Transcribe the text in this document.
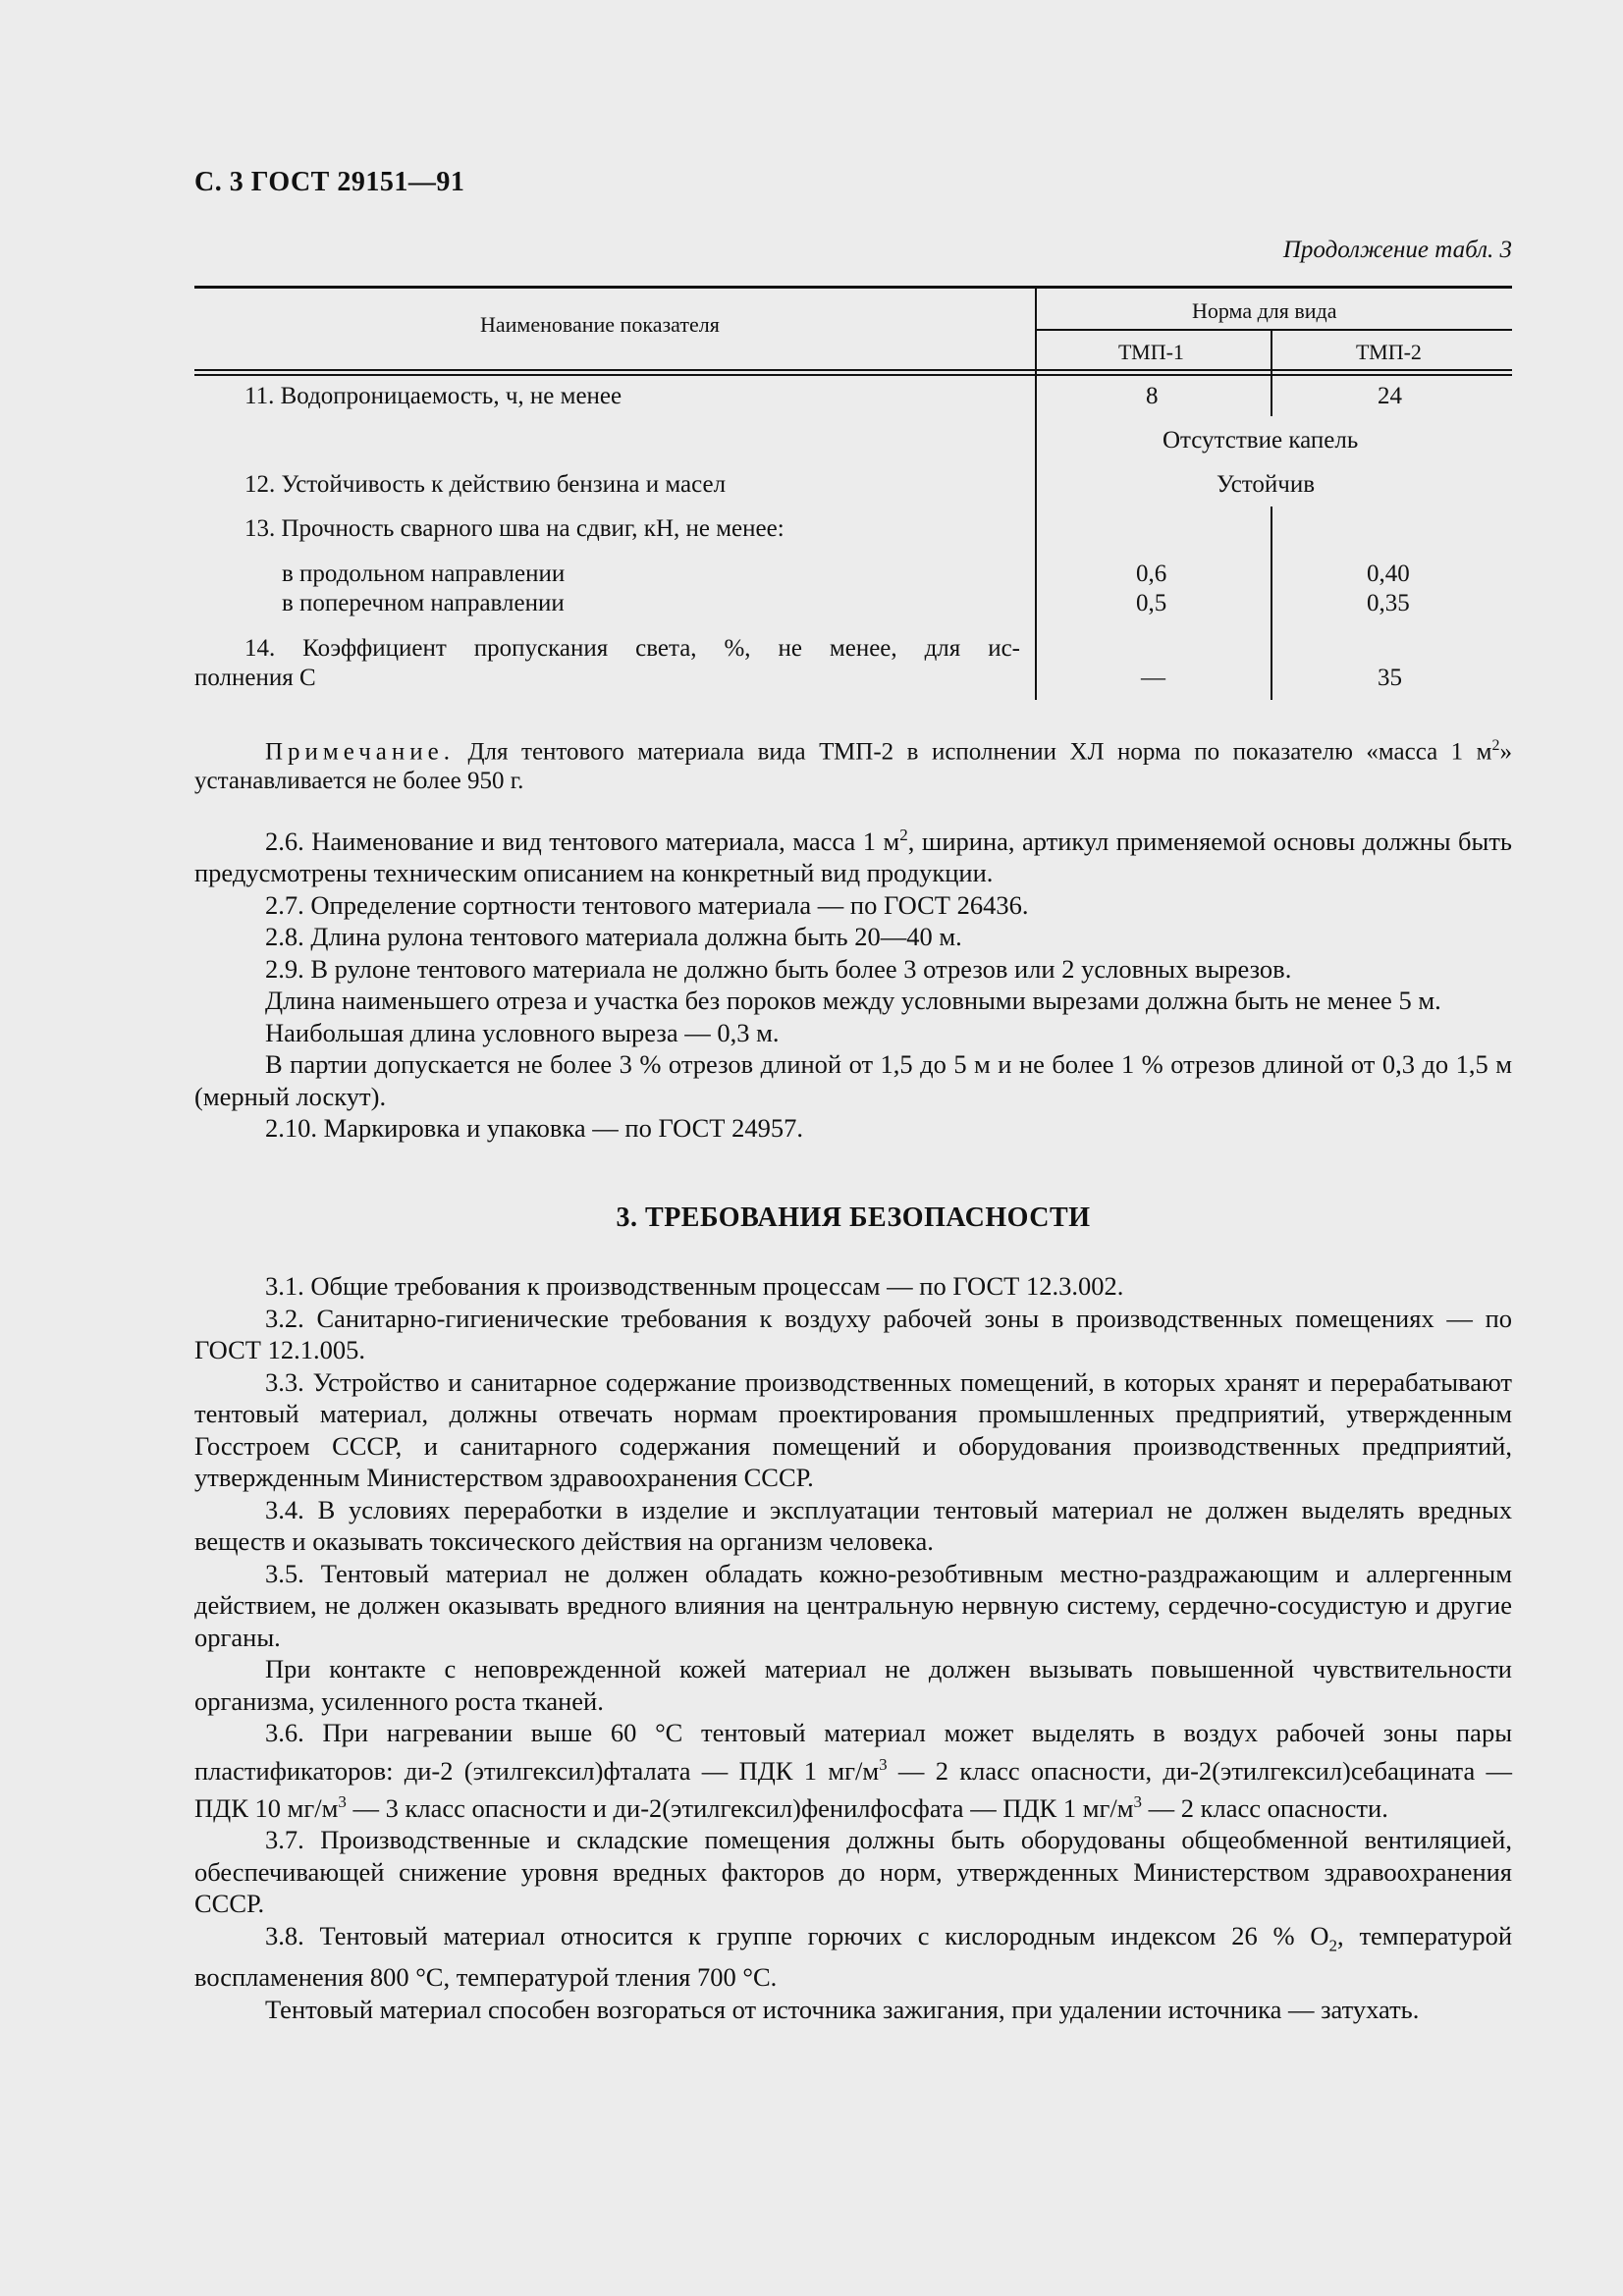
С. 3 ГОСТ 29151—91
Продолжение табл. 3
Наименование показателя
Норма для вида
ТМП-1	ТМП-2
11. Водопроницаемость, ч, не менее	8	24
Отсутствие капель
12. Устойчивость к действию бензина и масел	Устойчив
13. Прочность сварного шва на сдвиг, кН, не менее:
в продольном направлении	0,6	0,40
в поперечном направлении	0,5	0,35
14. Коэффициент пропускания света, %, не менее, для ис-
полнения С	—	35
Примечание. Для тентового материала вида ТМП-2 в исполнении ХЛ норма по показателю «масса 1 $м^2$» устанавливается не более 950 г.

2.6. Наименование и вид тентового материала, масса 1 $м^2$, ширина, артикул применяемой основы должны быть предусмотрены техническим описанием на конкретный вид продукции.

2.7. Определение сортности тентового материала — по ГОСТ 26436.

2.8. Длина рулона тентового материала должна быть 20—40 м.

2.9. В рулоне тентового материала не должно быть более 3 отрезов или 2 условных вырезов.

Длина наименьшего отреза и участка без пороков между условными вырезами должна быть не менее 5 м.

Наибольшая длина условного выреза — 0,3 м.

В партии допускается не более 3 % отрезов длиной от 1,5 до 5 м и не более 1 % отрезов длиной от 0,3 до 1,5 м (мерный лоскут).

2.10. Маркировка и упаковка — по ГОСТ 24957.

3. ТРЕБОВАНИЯ БЕЗОПАСНОСТИ

3.1. Общие требования к производственным процессам — по ГОСТ 12.3.002.

3.2. Санитарно-гигиенические требования к воздуху рабочей зоны в производственных помещениях — по ГОСТ 12.1.005.

3.3. Устройство и санитарное содержание производственных помещений, в которых хранят и перерабатывают тентовый материал, должны отвечать нормам проектирования промышленных предприятий, утвержденным Госстроем СССР, и санитарного содержания помещений и оборудования производственных предприятий, утвержденным Министерством здравоохранения СССР.

3.4. В условиях переработки в изделие и эксплуатации тентовый материал не должен выделять вредных веществ и оказывать токсического действия на организм человека.

3.5. Тентовый материал не должен обладать кожно-резобтивным местно-раздражающим и аллергенным действием, не должен оказывать вредного влияния на центральную нервную систему, сердечно-сосудистую и другие органы.

При контакте с неповрежденной кожей материал не должен вызывать повышенной чувствительности организма, усиленного роста тканей.

3.6. При нагревании выше 60 °С тентовый материал может выделять в воздух рабочей зоны пары пластификаторов: ди-2 (этилгексил)фталата — ПДК 1 $мг/м^3$ — 2 класс опасности, ди-2(этилгексил)себацината — ПДК 10 $мг/м^3$ — 3 класс опасности и ди-2(этилгексил)фенилфосфата — ПДК 1 $мг/м^3$ — 2 класс опасности.

3.7. Производственные и складские помещения должны быть оборудованы общеобменной вентиляцией, обеспечивающей снижение уровня вредных факторов до норм, утвержденных Министерством здравоохранения СССР.

3.8. Тентовый материал относится к группе горючих с кислородным индексом 26 % $О_2$, температурой воспламенения 800 °С, температурой тления 700 °С.

Тентовый материал способен возгораться от источника зажигания, при удалении источника — затухать.
